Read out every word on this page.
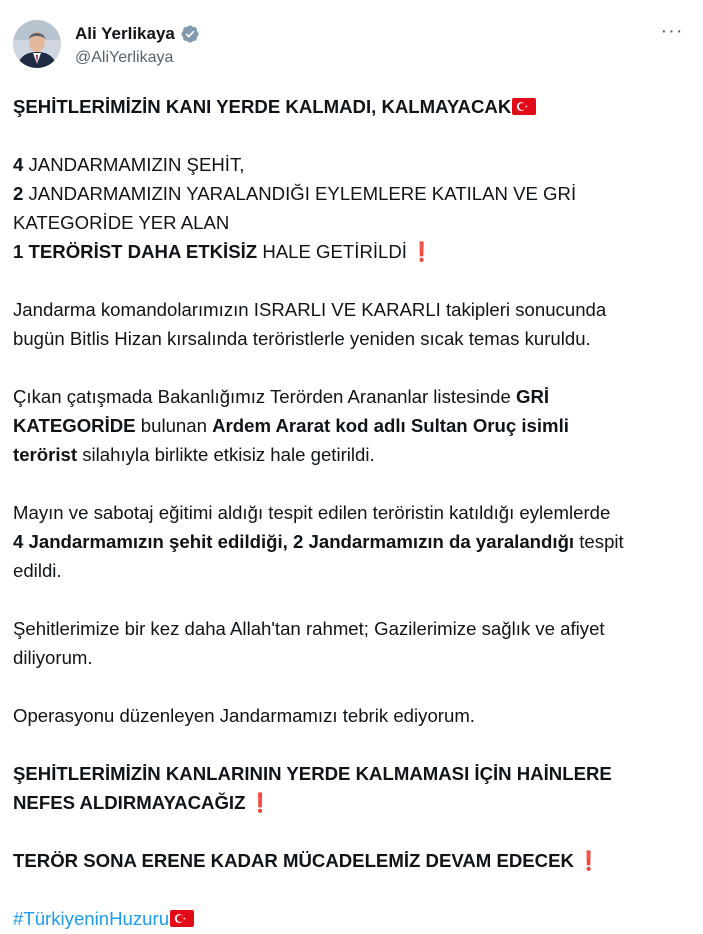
Ali Yerlikaya
@AliYerlikaya
···
ŞEHİTLERİMİZİN KANI YERDE KALMADI, KALMAYACAK
4 JANDARMAMIZIN ŞEHİT,
2 JANDARMAMIZIN YARALANDIĞI EYLEMLERE KATILAN VE GRİ
KATEGORİDE YER ALAN
1 TERÖRİST DAHA ETKİSİZ HALE GETİRİLDİ ❗
Jandarma komandolarımızın ISRARLI VE KARARLI takipleri sonucunda
bugün Bitlis Hizan kırsalında teröristlerle yeniden sıcak temas kuruldu.
Çıkan çatışmada Bakanlığımız Terörden Arananlar listesinde GRİ
KATEGORİDE bulunan Ardem Ararat kod adlı Sultan Oruç isimli
terörist silahıyla birlikte etkisiz hale getirildi.
Mayın ve sabotaj eğitimi aldığı tespit edilen teröristin katıldığı eylemlerde
4 Jandarmamızın şehit edildiği, 2 Jandarmamızın da yaralandığı tespit
edildi.
Şehitlerimize bir kez daha Allah'tan rahmet; Gazilerimize sağlık ve afiyet
diliyorum.
Operasyonu düzenleyen Jandarmamızı tebrik ediyorum.
ŞEHİTLERİMİZİN KANLARININ YERDE KALMAMASI İÇİN HAİNLERE
NEFES ALDIRMAYACAĞIZ ❗
TERÖR SONA ERENE KADAR MÜCADELEMİZ DEVAM EDECEK ❗
#TürkiyeninHuzuru
